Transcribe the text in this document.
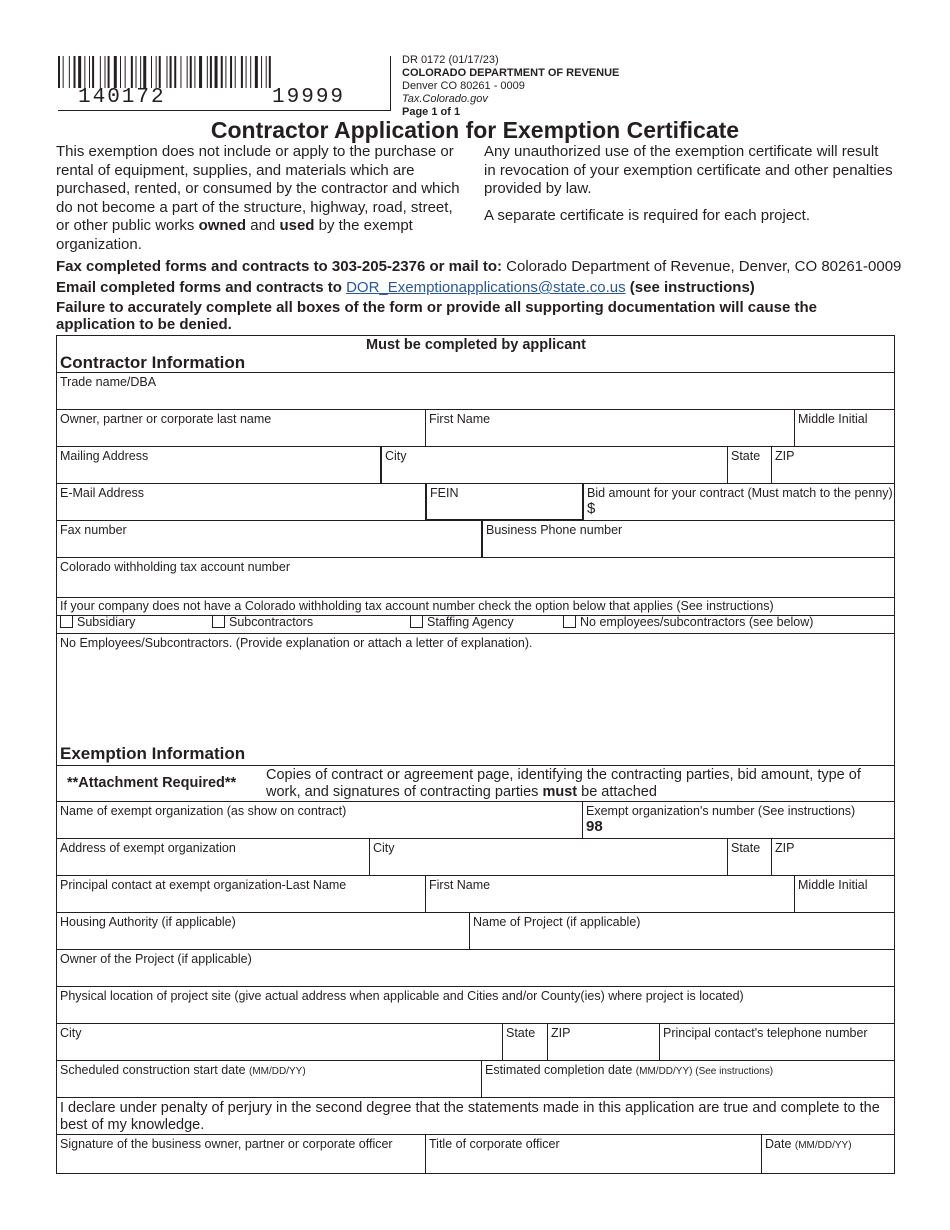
140172    19999
DR 0172 (01/17/23)
COLORADO DEPARTMENT OF REVENUE
Denver CO 80261 - 0009
Tax.Colorado.gov
Page 1 of 1
Contractor Application for Exemption Certificate
This exemption does not include or apply to the purchase or rental of equipment, supplies, and materials which are purchased, rented, or consumed by the contractor and which do not become a part of the structure, highway, road, street, or other public works owned and used by the exempt organization.

Any unauthorized use of the exemption certificate will result in revocation of your exemption certificate and other penalties provided by law.

A separate certificate is required for each project.

Fax completed forms and contracts to 303-205-2376 or mail to: Colorado Department of Revenue, Denver, CO 80261-0009
Email completed forms and contracts to DOR_Exemptionapplications@state.co.us (see instructions)
Failure to accurately complete all boxes of the form or provide all supporting documentation will cause the application to be denied.
Must be completed by applicant
Contractor Information
Trade name/DBA
Owner, partner or corporate last name	First Name	Middle Initial
Mailing Address	City	State	ZIP
E-Mail Address	FEIN	Bid amount for your contract (Must match to the penny)
$
Fax number	Business Phone number
Colorado withholding tax account number
If your company does not have a Colorado withholding tax account number check the option below that applies (See instructions)
Subsidiary	Subcontractors	Staffing Agency	No employees/subcontractors (see below)
No Employees/Subcontractors. (Provide explanation or attach a letter of explanation).
Exemption Information
**Attachment Required** Copies of contract or agreement page, identifying the contracting parties, bid amount, type of work, and signatures of contracting parties must be attached
Name of exempt organization (as show on contract)	Exempt organization's number (See instructions)
98
Address of exempt organization	City	State	ZIP
Principal contact at exempt organization-Last Name	First Name	Middle Initial
Housing Authority (if applicable)	Name of Project (if applicable)
Owner of the Project (if applicable)
Physical location of project site (give actual address when applicable and Cities and/or County(ies) where project is located)
City	State	ZIP	Principal contact's telephone number
Scheduled construction start date (MM/DD/YY)	Estimated completion date (MM/DD/YY) (See instructions)
I declare under penalty of perjury in the second degree that the statements made in this application are true and complete to the best of my knowledge.
Signature of the business owner, partner or corporate officer	Title of corporate officer	Date (MM/DD/YY)
